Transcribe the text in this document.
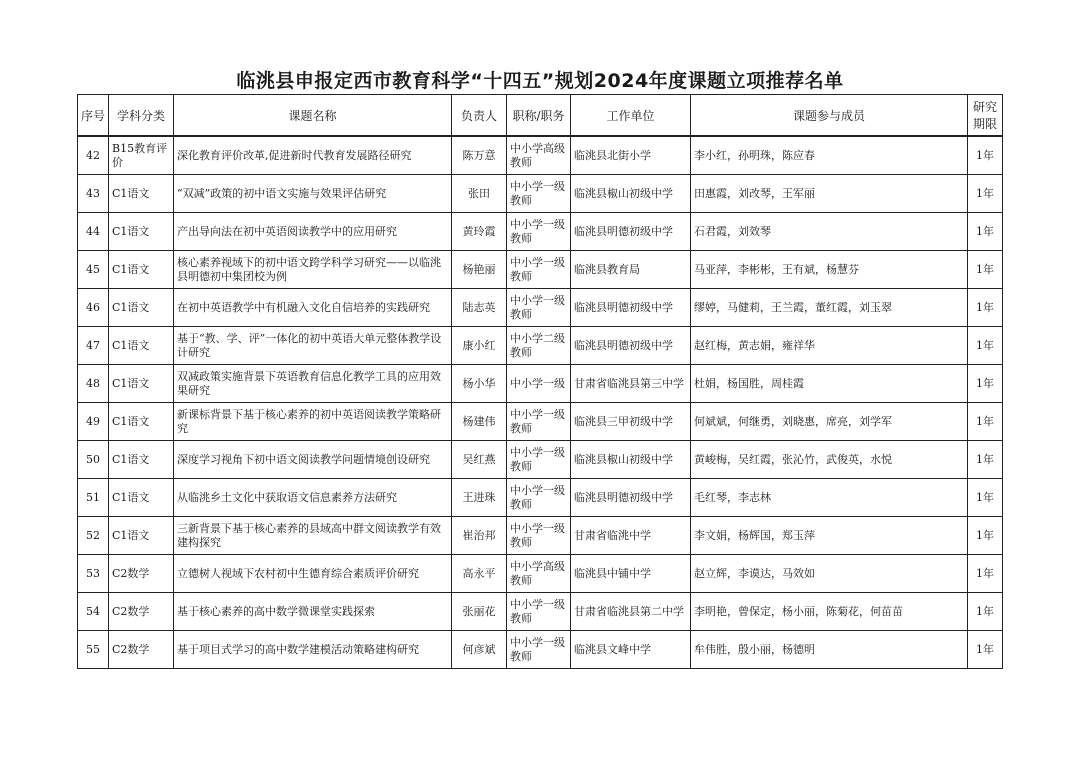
临洮县申报定西市教育科学“十四五”规划2024年度课题立项推荐名单
序号	学科分类	课题名称	负责人	职称/职务	工作单位	课题参与成员	研究期限
42	B15教育评价	深化教育评价改革,促进新时代教育发展路径研究	陈万意	中小学高级教师	临洮县北街小学	李小红，孙明珠，陈应春	1年
43	C1语文	“双减”政策的初中语文实施与效果评估研究	张田	中小学一级教师	临洮县椒山初级中学	田惠霞，刘改琴，王军丽	1年
44	C1语文	产出导向法在初中英语阅读教学中的应用研究	黄玲霞	中小学一级教师	临洮县明德初级中学	石君霞，刘效琴	1年
45	C1语文	核心素养视域下的初中语文跨学科学习研究——以临洮县明德初中集团校为例	杨艳丽	中小学一级教师	临洮县教育局	马亚萍，李彬彬，王有斌，杨慧芬	1年
46	C1语文	在初中英语教学中有机融入文化自信培养的实践研究	陆志英	中小学一级教师	临洮县明德初级中学	缪婷，马健莉，王兰霞，董红霞，刘玉翠	1年
47	C1语文	基于“教、学、评”一体化的初中英语大单元整体教学设计研究	康小红	中小学二级教师	临洮县明德初级中学	赵红梅，黄志娟，雍祥华	1年
48	C1语文	双减政策实施背景下英语教育信息化教学工具的应用效果研究	杨小华	中小学一级	甘肃省临洮县第三中学	杜娟，杨国胜，周桂霞	1年
49	C1语文	新课标背景下基于核心素养的初中英语阅读教学策略研究	杨建伟	中小学一级教师	临洮县三甲初级中学	何斌斌，何继勇，刘晓惠，席亮，刘学军	1年
50	C1语文	深度学习视角下初中语文阅读教学问题情境创设研究	吴红燕	中小学一级教师	临洮县椒山初级中学	黄峻梅，吴红霞，张沁竹，武俊英，水悦	1年
51	C1语文	从临洮乡土文化中获取语文信息素养方法研究	王进珠	中小学一级教师	临洮县明德初级中学	毛红琴，李志林	1年
52	C1语文	三新背景下基于核心素养的县域高中群文阅读教学有效建构探究	崔治邦	中小学一级教师	甘肃省临洮中学	李文娟，杨辉国，郑玉萍	1年
53	C2数学	立德树人视域下农村初中生德育综合素质评价研究	高永平	中小学高级教师	临洮县中铺中学	赵立辉，李谟达，马效如	1年
54	C2数学	基于核心素养的高中数学微课堂实践探索	张丽花	中小学一级教师	甘肃省临洮县第二中学	李明艳，曾保定，杨小丽，陈菊花，何苗苗	1年
55	C2数学	基于项目式学习的高中数学建模活动策略建构研究	何彦斌	中小学一级教师	临洮县文峰中学	牟伟胜，殷小丽，杨德明	1年
